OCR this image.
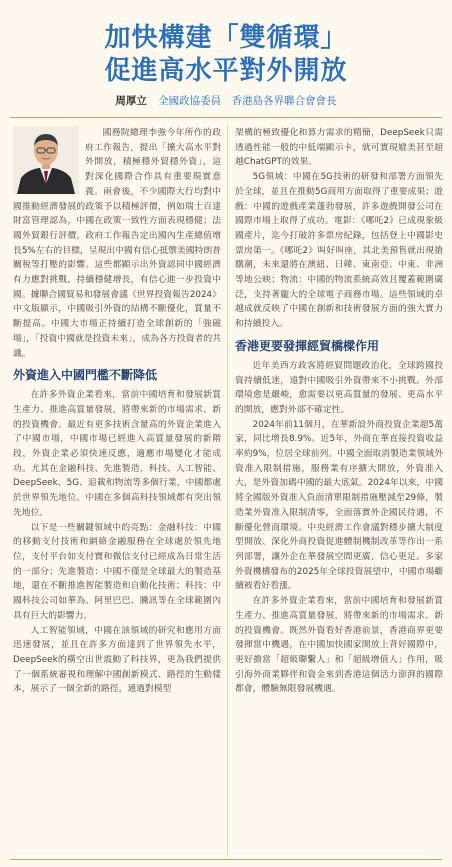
加快構建「雙循環」
促進高水平對外開放
周厚立 全國政協委員　香港島各界聯合會會長

國務院總理李強今年所作的政府工作報告，提出「擴大高水平對外開放，積極穩外貿穩外資」，這對深化國際合作具有重要現實意義。兩會後，不少國際大行均對中國推動經濟發展的政策予以積極評價，例如瑞士百達財富管理認為，中國在政策一致性方面表現穩健；法國外貿銀行評價，政府工作報告定出國內生產總值增長5%左右的目標，呈現出中國有信心抵禦美國特朗普關稅等打壓的影響。這些都顯示出外資認同中國經濟有力應對挑戰，持續穩健增長，有信心進一步投資中國。據聯合國貿易和發展會議《世界投資報告2024》中文版顯示，中國吸引外資的結構不斷優化，質量不斷提高。中國大市場正持續打造全球創新的「強磁場」，「投資中國就是投資未來」，成為各方投資者的共識。

外資進入中國門檻不斷降低

在許多外資企業看來，當前中國培育和發展新質生產力、推進高質量發展，將帶來新的市場需求、新的投資機會。最近有更多技術含量高的外資企業進入了中國市場，中國市場已經進入高質量發展的新階段，外資企業必須快速反應，適應市場變化才能成功。尤其在金融科技、先進製造、科技、人工智能、DeepSeek、5G、追載和物流等多個行業，中國都處於世界領先地位。中國在多個高科技領域都有突出領先地位。

以下是一些關鍵領域中的亮點：金融科技：中國的移動支付技術和網絡金融服務在全球處於領先地位，支付平台如支付寶和微信支付已經成為日常生活的一部分；先進製造：中國不僅是全球最大的製造基地，還在不斷推進智能製造和自動化技術；科技：中國科技公司如華為、阿里巴巴、騰訊等在全球範圍內具有巨大的影響力。

人工智能領域，中國在該領域的研究和應用方面迅速發展，並且在許多方面達到了世界領先水平，DeepSeek的橫空出世震動了科技界，更為我們提供了一個系統審視和理解中國創新模式、路徑的生動樣本，展示了一個全新的路徑，通過對模型

架構的極致優化和算力需求的精簡，DeepSeek只需透過性能一般的中低端顯示卡，就可實現媲美甚至超越ChatGPT的效果。

5G領域：中國在5G技術的研發和部署方面領先於全球，並且在推動5G商用方面取得了重要成果；遊戲：中國的遊戲產業蓬勃發展，許多遊戲開發公司在國際市場上取得了成功。電影：《哪吒2》已成現象級國產片，迄今打破許多票房紀錄，包括登上中國影史票房第一。《哪吒2》叫好叫座，其北美預售就出現搶購潮，未來還將在澳紐、日韓、東南亞、中東、非洲等地公映；物流：中國的物流系統高效且覆蓋範圍廣泛，支持著龐大的全球電子商務市場。這些領域的卓越成就反映了中國在創新和技術發展方面的強大實力和持續投入。

香港更要發揮經貿橋樑作用

近年美西方政客將經貿問題政治化，全球跨國投資持續低迷，遠對中國吸引外資帶來不小挑戰。外部環境愈是嚴峻，愈需要以更高質量的發展、更高水平的開放，應對外部不確定性。

2024年前11個月，在華新設外商投資企業超5萬家，同比增長8.9%。近5年，外商在華直接投資收益率約9%，位居全球前列。中國全面取消製造業領域外資准入限制措施，服務業有序擴大開放，外資准入大，是外資加碼中國的最大底氣。2024年以來，中國將全國版外資准入負面清單限制措施壓減至29條，製造業外資准入限制清零，全面落實外企國民待遇，不斷優化營商環境。中央經濟工作會議對穩步擴大制度型開放、深化外商投資促進體制機制改革等作出一系列部署，讓外企在華發展空間更廣、信心更足。多家外資機構發布的2025年全球投資展望中，中國市場繼續被看好看漲。

在許多外資企業看來，當前中國培育和發展新質生產力、推進高質量發展，將帶來新的市場需求、新的投資機會。既然外資看好香港前景，香港商界更要發揮當中機遇，在中國加快國家開放上背好國際中，更好擔當「超級聯繫人」和「超級增值人」作用，吸引海外商業夥伴和資金來到香港這個活力澎湃的國際都會，體驗無限發展機遇。
